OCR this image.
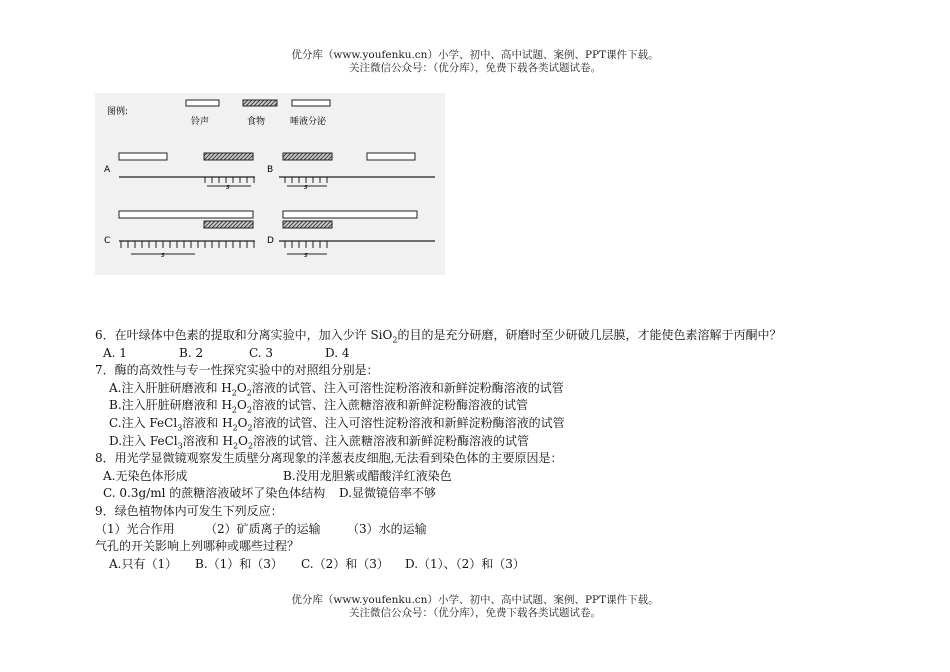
优分库（www.youfenku.cn）小学、初中、高中试题、案例、PPT课件下载。
关注微信公众号：（优分库），免费下载各类试题试卷。
图例:
铃声	食物	唾液分泌
A
s
B
s
C
s
D
s
6．在叶绿体中色素的提取和分离实验中，加入少许 SiO$_2$的目的是充分研磨，研磨时至少研破几层膜，才能使色素溶解于丙酮中？
A. 1	B. 2	C. 3	D. 4
7．酶的高效性与专一性探究实验中的对照组分别是：
A.注入肝脏研磨液和 $H_2O_2$溶液的试管、注入可溶性淀粉溶液和新鲜淀粉酶溶液的试管
B.注入肝脏研磨液和 $H_2O_2$溶液的试管、注入蔗糖溶液和新鲜淀粉酶溶液的试管
C.注入 FeCl$_3$溶液和 $H_2O_2$溶液的试管、注入可溶性淀粉溶液和新鲜淀粉酶溶液的试管
D.注入 FeCl$_3$溶液和 $H_2O_2$溶液的试管、注入蔗糖溶液和新鲜淀粉酶溶液的试管
8．用光学显微镜观察发生质壁分离现象的洋葱表皮细胞,无法看到染色体的主要原因是：
A.无染色体形成	B.没用龙胆紫或醋酸洋红液染色
C. 0.3g/ml 的蔗糖溶液破坏了染色体结构 D.显微镜倍率不够
9．绿色植物体内可发生下列反应：
（1）光合作用	（2）矿质离子的运输 （3）水的运输
气孔的开关影响上列哪种或哪些过程？
A.只有（1） B.（1）和（3） C.（2）和（3） D.（1）、（2）和（3）
优分库（www.youfenku.cn）小学、初中、高中试题、案例、PPT课件下载。
关注微信公众号：（优分库），免费下载各类试题试卷。
